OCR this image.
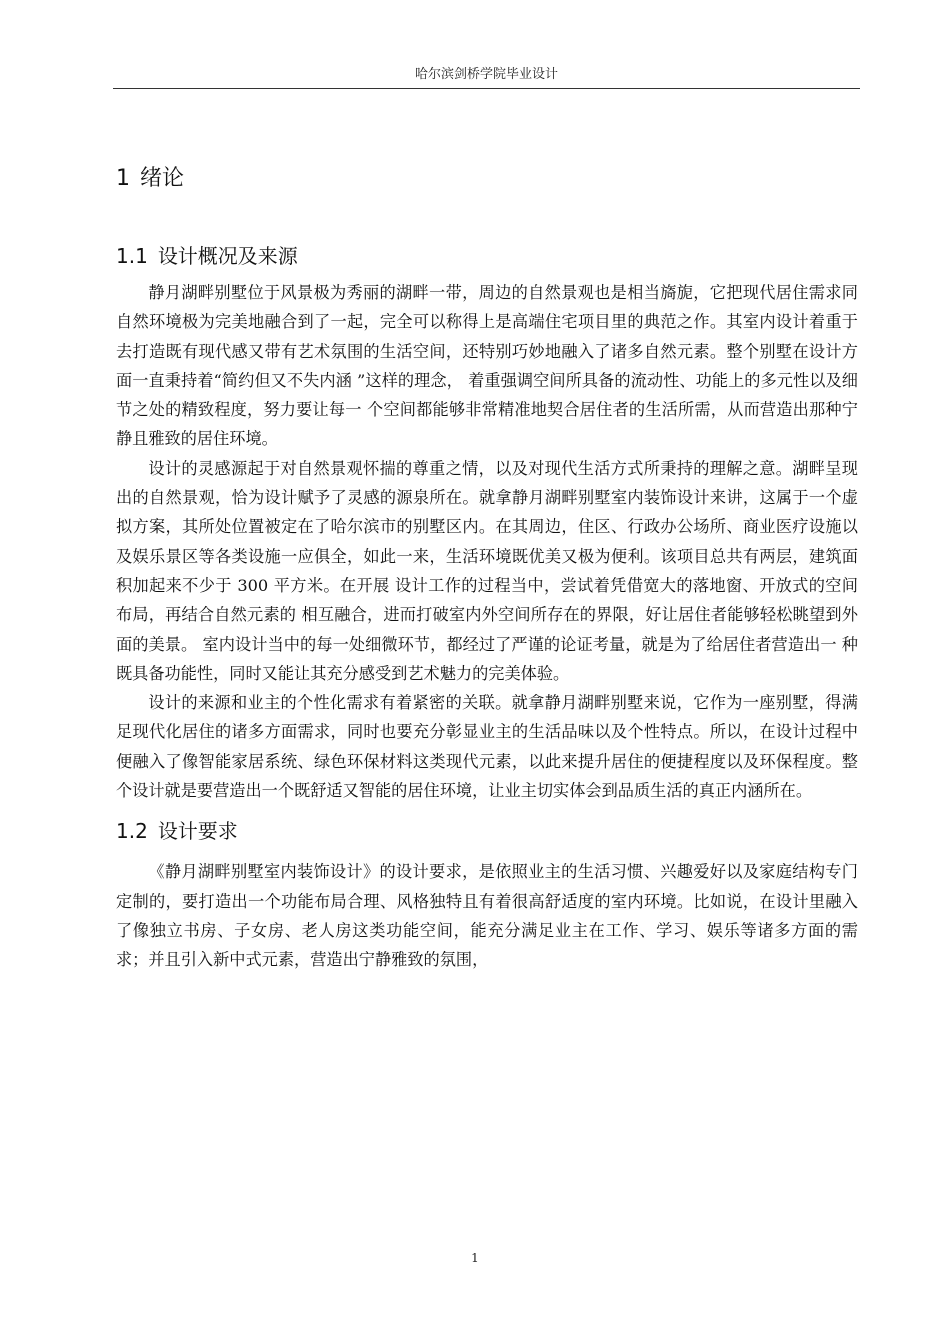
哈尔滨剑桥学院毕业设计
1 绪论
1.1 设计概况及来源

静月湖畔别墅位于风景极为秀丽的湖畔一带，周边的自然景观也是相当旖旎，它把现代居住需求同自然环境极为完美地融合到了一起，完全可以称得上是高端住宅项目里的典范之作。其室内设计着重于去打造既有现代感又带有艺术氛围的生活空间，还特别巧妙地融入了诸多自然元素。整个别墅在设计方面一直秉持着“简约但又不失内涵 ”这样的理念， 着重强调空间所具备的流动性、功能上的多元性以及细节之处的精致程度，努力要让每一 个空间都能够非常精准地契合居住者的生活所需，从而营造出那种宁静且雅致的居住环境。

设计的灵感源起于对自然景观怀揣的尊重之情，以及对现代生活方式所秉持的理解之意。湖畔呈现出的自然景观，恰为设计赋予了灵感的源泉所在。就拿静月湖畔别墅室内装饰设计来讲，这属于一个虚拟方案，其所处位置被定在了哈尔滨市的别墅区内。在其周边，住区、行政办公场所、商业医疗设施以及娱乐景区等各类设施一应俱全，如此一来，生活环境既优美又极为便利。该项目总共有两层，建筑面积加起来不少于 300 平方米。在开展 设计工作的过程当中，尝试着凭借宽大的落地窗、开放式的空间布局，再结合自然元素的 相互融合，进而打破室内外空间所存在的界限，好让居住者能够轻松眺望到外面的美景。 室内设计当中的每一处细微环节，都经过了严谨的论证考量，就是为了给居住者营造出一 种既具备功能性，同时又能让其充分感受到艺术魅力的完美体验。

设计的来源和业主的个性化需求有着紧密的关联。就拿静月湖畔别墅来说，它作为一座别墅，得满足现代化居住的诸多方面需求，同时也要充分彰显业主的生活品味以及个性特点。所以，在设计过程中便融入了像智能家居系统、绿色环保材料这类现代元素，以此来提升居住的便捷程度以及环保程度。整个设计就是要营造出一个既舒适又智能的居住环境，让业主切实体会到品质生活的真正内涵所在。

1.2 设计要求

《静月湖畔别墅室内装饰设计》的设计要求，是依照业主的生活习惯、兴趣爱好以及家庭结构专门定制的，要打造出一个功能布局合理、风格独特且有着很高舒适度的室内环境。比如说，在设计里融入了像独立书房、子女房、老人房这类功能空间，能充分满足业主在工作、学习、娱乐等诸多方面的需求；并且引入新中式元素，营造出宁静雅致的氛围，

1
